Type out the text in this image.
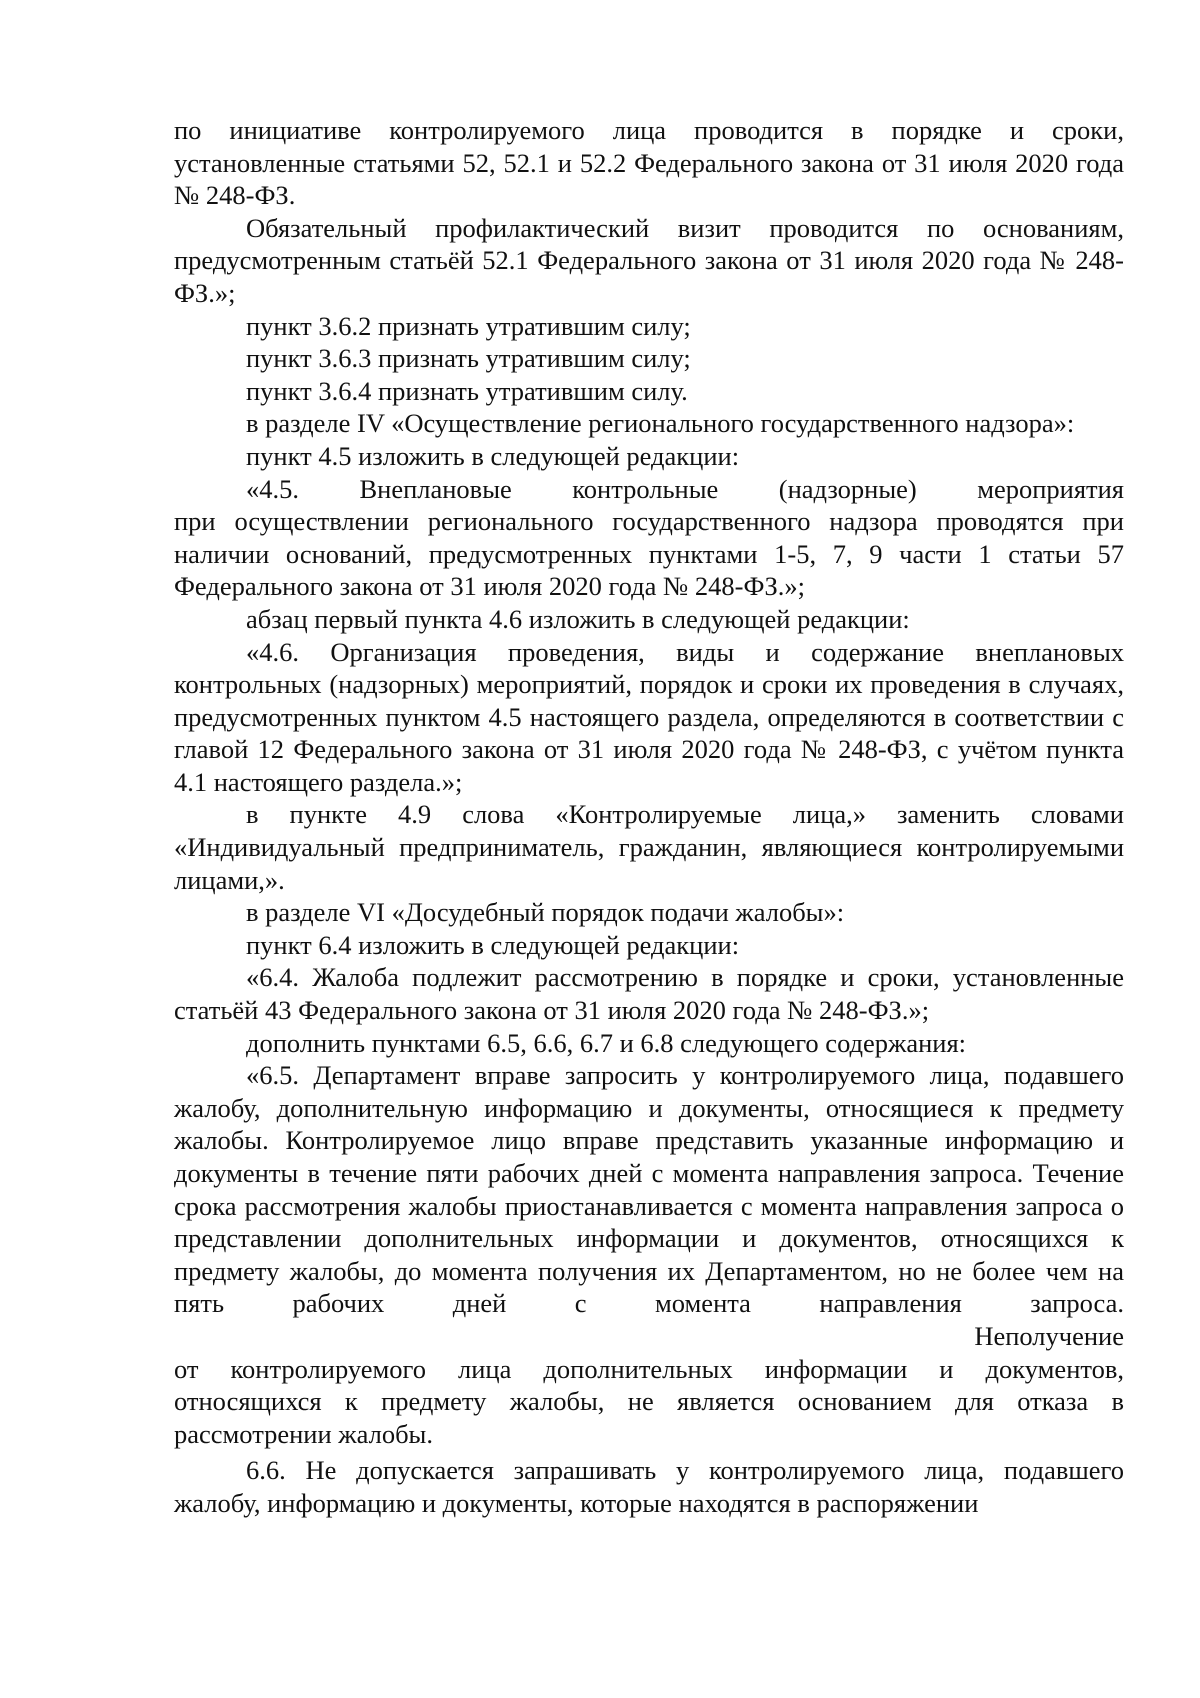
по инициативе контролируемого лица проводится в порядке и сроки, установленные статьями 52, 52.1 и 52.2 Федерального закона от 31 июля 2020 года № 248-ФЗ.

Обязательный профилактический визит проводится по основаниям, предусмотренным статьёй 52.1 Федерального закона от 31 июля 2020 года № 248-ФЗ.»;

пункт 3.6.2 признать утратившим силу;

пункт 3.6.3 признать утратившим силу;

пункт 3.6.4 признать утратившим силу.

в разделе IV «Осуществление регионального государственного надзора»:

пункт 4.5 изложить в следующей редакции:

«4.5. Внеплановые контрольные (надзорные) мероприятия

при осуществлении регионального государственного надзора проводятся при наличии оснований, предусмотренных пунктами 1-5, 7, 9 части 1 статьи 57 Федерального закона от 31 июля 2020 года № 248-ФЗ.»;

абзац первый пункта 4.6 изложить в следующей редакции:

«4.6. Организация проведения, виды и содержание внеплановых контрольных (надзорных) мероприятий, порядок и сроки их проведения в случаях, предусмотренных пунктом 4.5 настоящего раздела, определяются в соответствии с главой 12 Федерального закона от 31 июля 2020 года № 248-ФЗ, с учётом пункта 4.1 настоящего раздела.»;

в пункте 4.9 слова «Контролируемые лица,» заменить словами

«Индивидуальный предприниматель, гражданин, являющиеся контролируемыми лицами,».

в разделе VI «Досудебный порядок подачи жалобы»:

пункт 6.4 изложить в следующей редакции:

«6.4. Жалоба подлежит рассмотрению в порядке и сроки, установленные статьёй 43 Федерального закона от 31 июля 2020 года № 248-ФЗ.»;

дополнить пунктами 6.5, 6.6, 6.7 и 6.8 следующего содержания:

«6.5. Департамент вправе запросить у контролируемого лица, подавшего жалобу, дополнительную информацию и документы, относящиеся к предмету жалобы. Контролируемое лицо вправе представить указанные информацию и документы в течение пяти рабочих дней с момента направления запроса. Течение срока рассмотрения жалобы приостанавливается с момента направления запроса о представлении дополнительных информации и документов, относящихся к предмету жалобы, до момента получения их Департаментом, но не более чем на пять рабочих дней с момента направления запроса.

Неполучение

от контролируемого лица дополнительных информации и документов, относящихся к предмету жалобы, не является основанием для отказа в рассмотрении жалобы.

6.6. Не допускается запрашивать у контролируемого лица, подавшего жалобу, информацию и документы, которые находятся в распоряжении
